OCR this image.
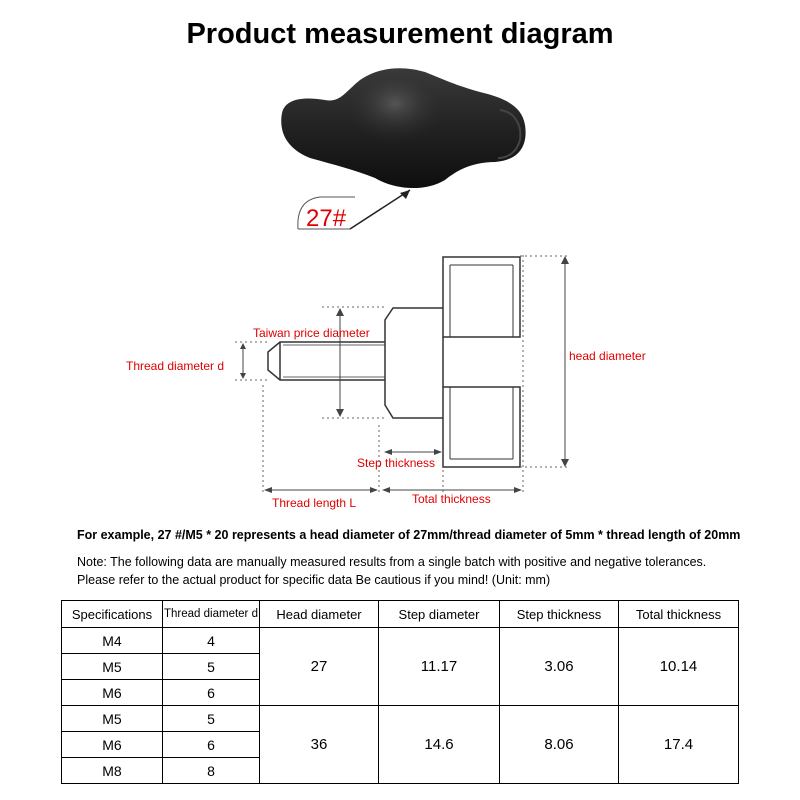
Product measurement diagram
27#
Taiwan price diameter
Thread diameter d
head diameter
Step thickness
Thread length L	Total thickness
For example, 27 #/M5 * 20 represents a head diameter of 27mm/thread diameter of 5mm * thread length of 20mm
Note: The following data are manually measured results from a single batch with positive and negative tolerances.
Please refer to the actual product for specific data Be cautious if you mind! (Unit: mm)
Specifications	Thread diameter d	Head diameter	Step diameter	Step thickness	Total thickness
M4	4	27	11.17	3.06	10.14
M5	5				
M6	6				
M5	5	36	14.6	8.06	17.4
M6	6				
M8	8				
